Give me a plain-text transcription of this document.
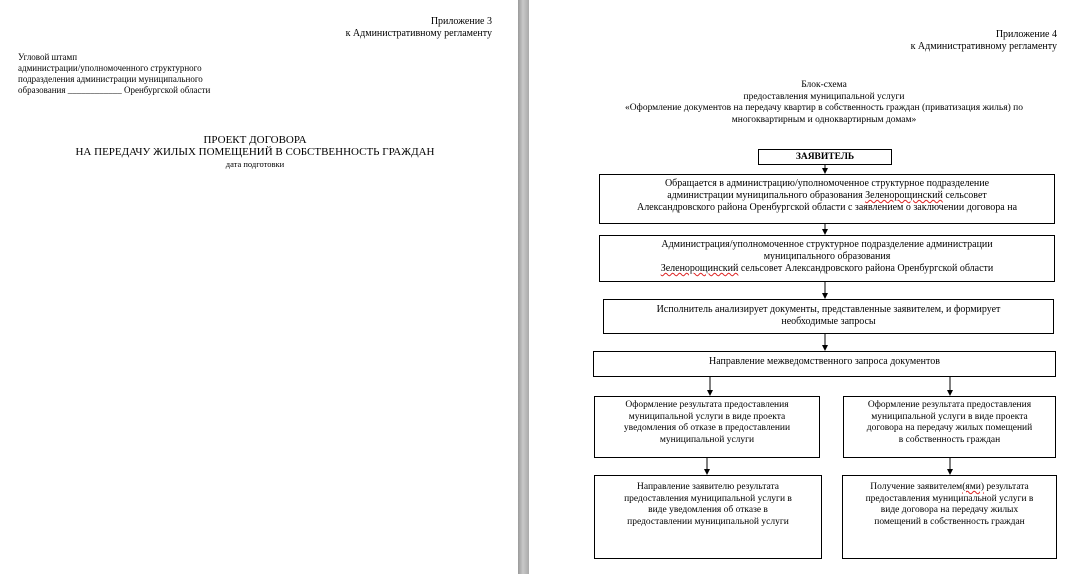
Приложение 3
к Административному регламенту
Угловой штамп
администрации/уполномоченного структурного
подразделения администрации муниципального
образования ____________ Оренбургской области
ПРОЕКТ ДОГОВОРА
НА ПЕРЕДАЧУ ЖИЛЫХ ПОМЕЩЕНИЙ В СОБСТВЕННОСТЬ ГРАЖДАН
дата подготовки
Приложение 4
к Административному регламенту
Блок-схема
предоставления муниципальной услуги
«Оформление документов на передачу квартир в собственность граждан (приватизация жилья) по
многоквартирным и одноквартирным домам»
ЗАЯВИТЕЛЬ
Обращается в администрацию/уполномоченное структурное подразделение
администрации муниципального образования Зеленорощинский сельсовет
Александровского района Оренбургской области с заявлением о заключении договора на
Администрация/уполномоченное структурное подразделение администрации
муниципального образования
Зеленорощинский сельсовет Александровского района Оренбургской области
Исполнитель анализирует документы, представленные заявителем, и формирует
необходимые запросы
Направление межведомственного запроса документов
Оформление результата предоставления
муниципальной услуги в виде проекта
уведомления об отказе в предоставлении
муниципальной услуги
Оформление результата предоставления
муниципальной услуги в виде проекта
договора на передачу жилых помещений
в собственность граждан
Направление заявителю результата
предоставления муниципальной услуги в
виде уведомления об отказе в
предоставлении муниципальной услуги
Получение заявителем(ями) результата
предоставления муниципальной услуги в
виде договора на передачу жилых
помещений в собственность граждан
